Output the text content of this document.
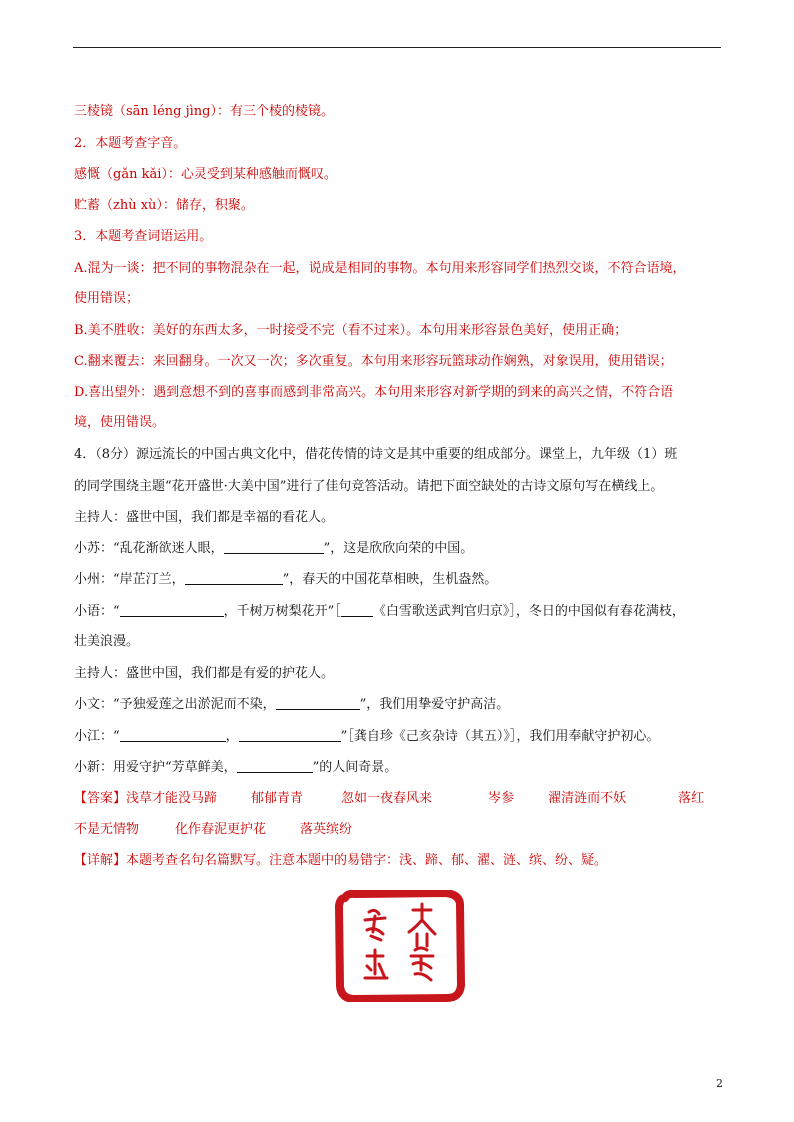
三棱镜（sān léng jìng）：有三个棱的棱镜。
2．本题考查字音。
感慨（gǎn kǎi）：心灵受到某种感触而慨叹。
贮蓄（zhù xù）：储存，积聚。
3．本题考查词语运用。
A.混为一谈：把不同的事物混杂在一起，说成是相同的事物。本句用来形容同学们热烈交谈，不符合语境，
使用错误；
B.美不胜收：美好的东西太多，一时接受不完（看不过来）。本句用来形容景色美好，使用正确；
C.翻来覆去：来回翻身。一次又一次；多次重复。本句用来形容玩篮球动作娴熟，对象误用，使用错误；
D.喜出望外：遇到意想不到的喜事而感到非常高兴。本句用来形容对新学期的到来的高兴之情，不符合语
境，使用错误。
4．（8分）源远流长的中国古典文化中，借花传情的诗文是其中重要的组成部分。课堂上，九年级（1）班
的同学围绕主题“花开盛世·大美中国”进行了佳句竞答活动。请把下面空缺处的古诗文原句写在横线上。
主持人：盛世中国，我们都是幸福的看花人。
小苏：“乱花渐欲迷人眼，	”，这是欣欣向荣的中国。
小州：“岸芷汀兰，	”，春天的中国花草相映，生机盎然。
小语：“	，千树万树梨花开”［ 《白雪歌送武判官归京》］，冬日的中国似有春花满枝，
壮美浪漫。
主持人：盛世中国，我们都是有爱的护花人。
小文：“予独爱莲之出淤泥而不染，	”，我们用挚爱守护高洁。
小江：“	，	”［龚自珍《己亥杂诗（其五）》］，我们用奉献守护初心。
小新：用爱守护“芳草鲜美，	”的人间奇景。
【答案】浅草才能没马蹄	郁郁青青	忽如一夜春风来	岑参	濯清涟而不妖	落红
不是无情物	化作春泥更护花	落英缤纷
【详解】本题考查名句名篇默写。注意本题中的易错字：浅、蹄、郁、濯、涟、缤、纷、疑。
2
